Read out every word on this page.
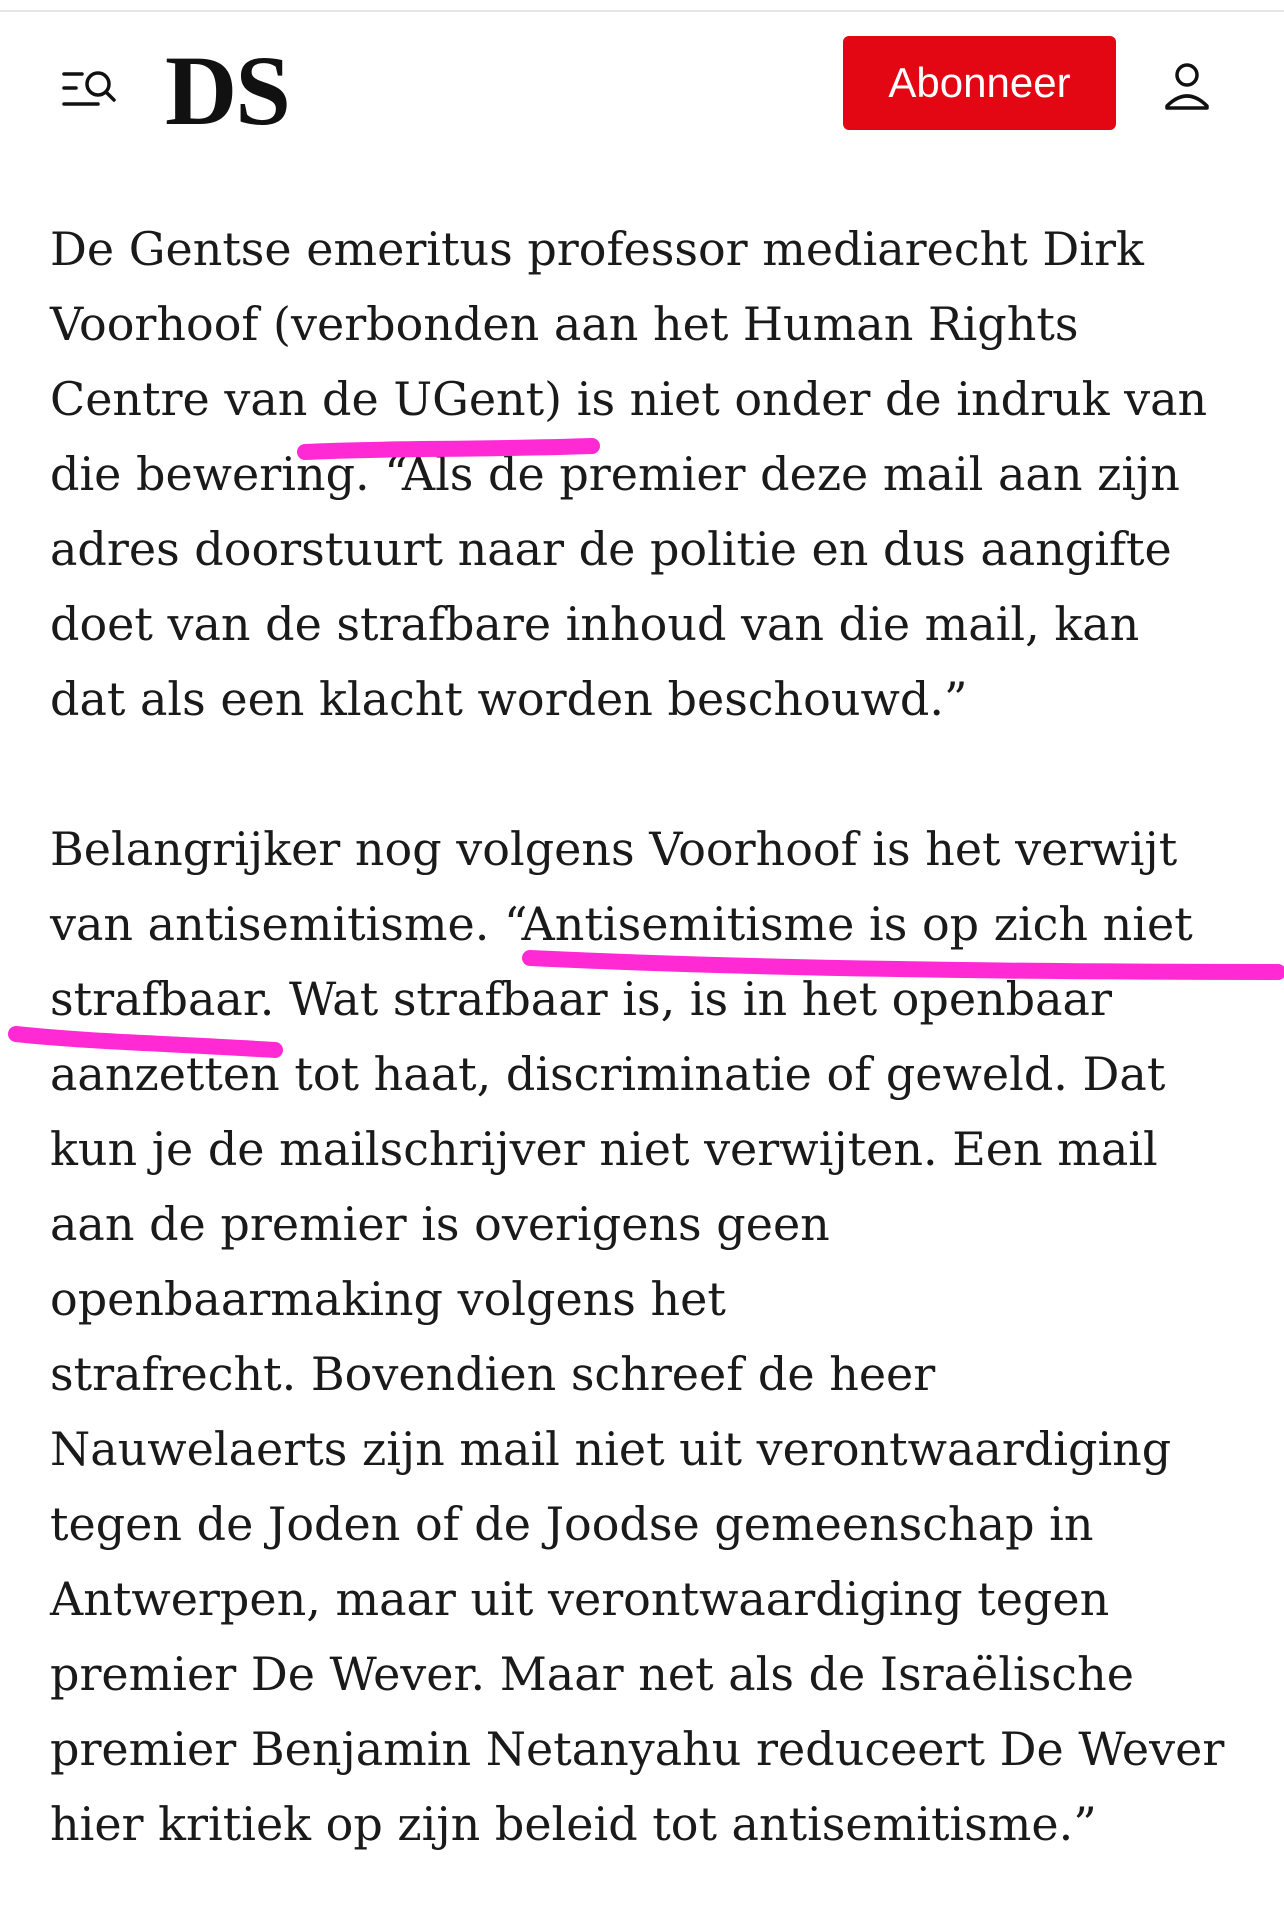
DS	Abonneer

De Gentse emeritus professor mediarecht Dirk
Voorhoof (verbonden aan het Human Rights
Centre van de UGent) is niet onder de indruk van
die bewering. “Als de premier deze mail aan zijn
adres doorstuurt naar de politie en dus aangifte
doet van de strafbare inhoud van die mail, kan
dat als een klacht worden beschouwd.”

Belangrijker nog volgens Voorhoof is het verwijt
van antisemitisme. “Antisemitisme is op zich niet
strafbaar. Wat strafbaar is, is in het openbaar
aanzetten tot haat, discriminatie of geweld. Dat
kun je de mailschrijver niet verwijten. Een mail
aan de premier is overigens geen
openbaarmaking volgens het
strafrecht. Bovendien schreef de heer
Nauwelaerts zijn mail niet uit verontwaardiging
tegen de Joden of de Joodse gemeenschap in
Antwerpen, maar uit verontwaardiging tegen
premier De Wever. Maar net als de Israëlische
premier Benjamin Netanyahu reduceert De Wever
hier kritiek op zijn beleid tot antisemitisme.”
